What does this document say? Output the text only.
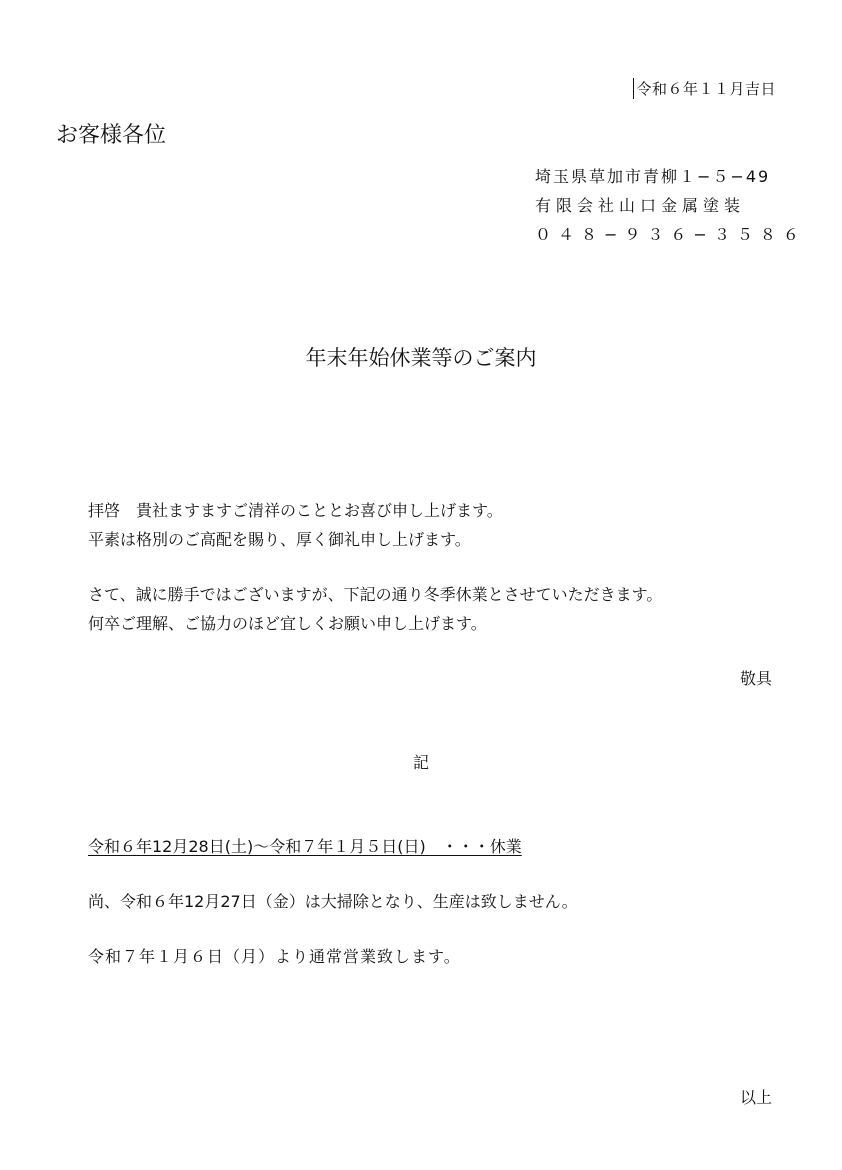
令和６年１１月吉日
お客様各位
埼玉県草加市青柳１−５−49
有限会社山口金属塗装
０４８−９３６−３５８６
年末年始休業等のご案内
拝啓　貴社ますますご清祥のこととお喜び申し上げます。
平素は格別のご高配を賜り、厚く御礼申し上げます。
さて、誠に勝手ではございますが、下記の通り冬季休業とさせていただきます。
何卒ご理解、ご協力のほど宜しくお願い申し上げます。
敬具
記
令和６年12月28日(土)〜令和７年１月５日(日)　・・・休業
尚、令和６年12月27日（金）は大掃除となり、生産は致しません。
令和７年１月６日（月）より通常営業致します。
以上
